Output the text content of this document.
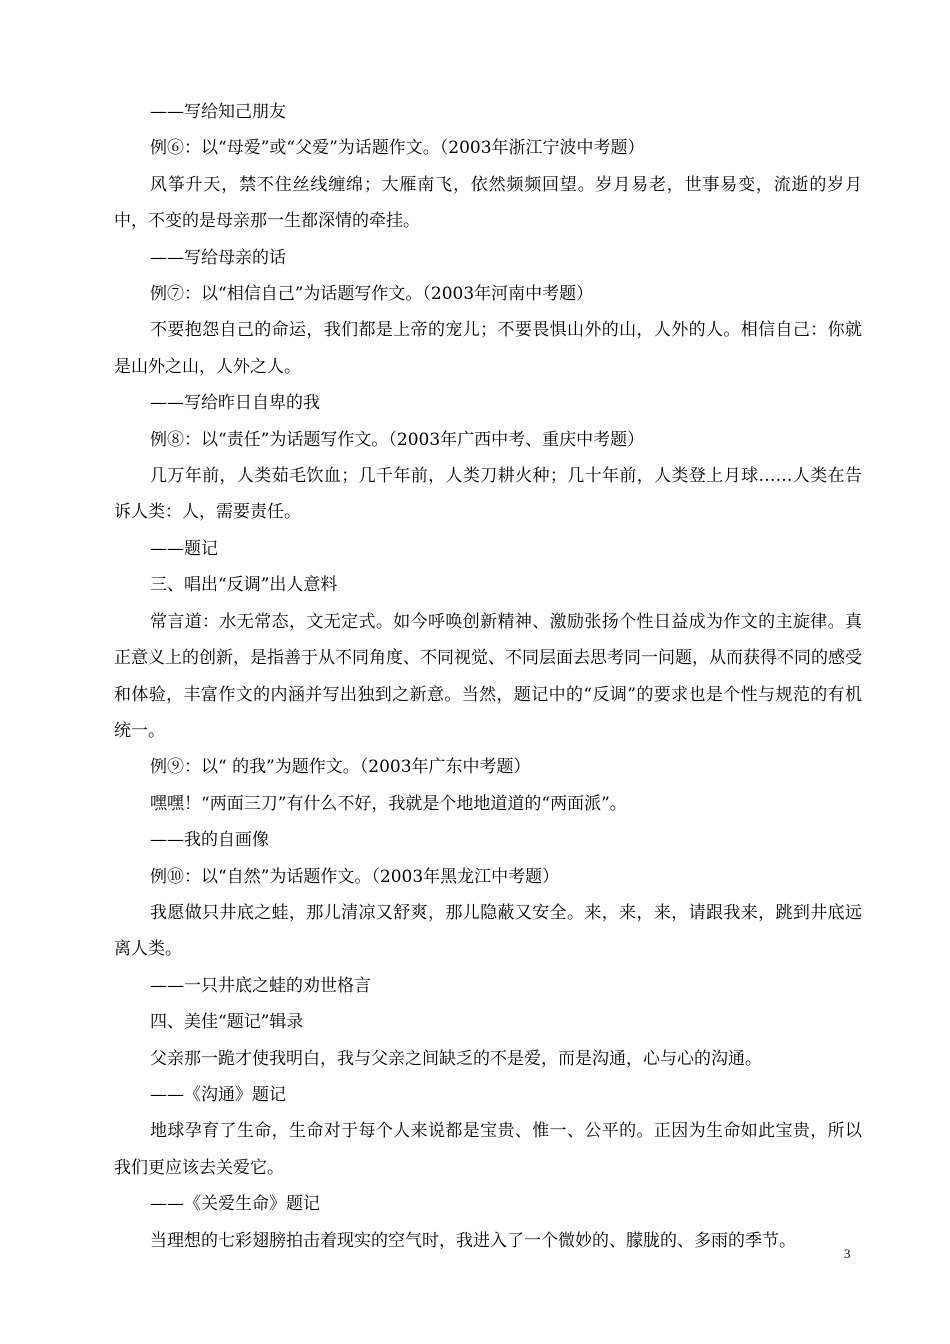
——写给知己朋友

例⑥：以“母爱”或“父爱”为话题作文。（2003年浙江宁波中考题）

风筝升天，禁不住丝线缠绵；大雁南飞，依然频频回望。岁月易老，世事易变，流逝的岁月中，不变的是母亲那一生都深情的牵挂。

——写给母亲的话

例⑦：以“相信自己”为话题写作文。（2003年河南中考题）

不要抱怨自己的命运，我们都是上帝的宠儿；不要畏惧山外的山，人外的人。相信自己：你就是山外之山，人外之人。

——写给昨日自卑的我

例⑧：以“责任”为话题写作文。（2003年广西中考、重庆中考题）

几万年前，人类茹毛饮血；几千年前，人类刀耕火种；几十年前，人类登上月球……人类在告诉人类：人，需要责任。

——题记

三、唱出“反调”出人意料

常言道：水无常态，文无定式。如今呼唤创新精神、激励张扬个性日益成为作文的主旋律。真正意义上的创新，是指善于从不同角度、不同视觉、不同层面去思考同一问题，从而获得不同的感受和体验，丰富作文的内涵并写出独到之新意。当然，题记中的“反调”的要求也是个性与规范的有机统一。

例⑨：以“ 的我”为题作文。（2003年广东中考题）

嘿嘿！“两面三刀”有什么不好，我就是个地地道道的“两面派”。

——我的自画像

例⑩：以“自然”为话题作文。（2003年黑龙江中考题）

我愿做只井底之蛙，那儿清凉又舒爽，那儿隐蔽又安全。来，来，来，请跟我来，跳到井底远离人类。

——一只井底之蛙的劝世格言

四、美佳“题记”辑录

父亲那一跪才使我明白，我与父亲之间缺乏的不是爱，而是沟通，心与心的沟通。

——《沟通》题记

地球孕育了生命，生命对于每个人来说都是宝贵、惟一、公平的。正因为生命如此宝贵，所以我们更应该去关爱它。

——《关爱生命》题记

当理想的七彩翅膀拍击着现实的空气时，我进入了一个微妙的、朦胧的、多雨的季节。

3
